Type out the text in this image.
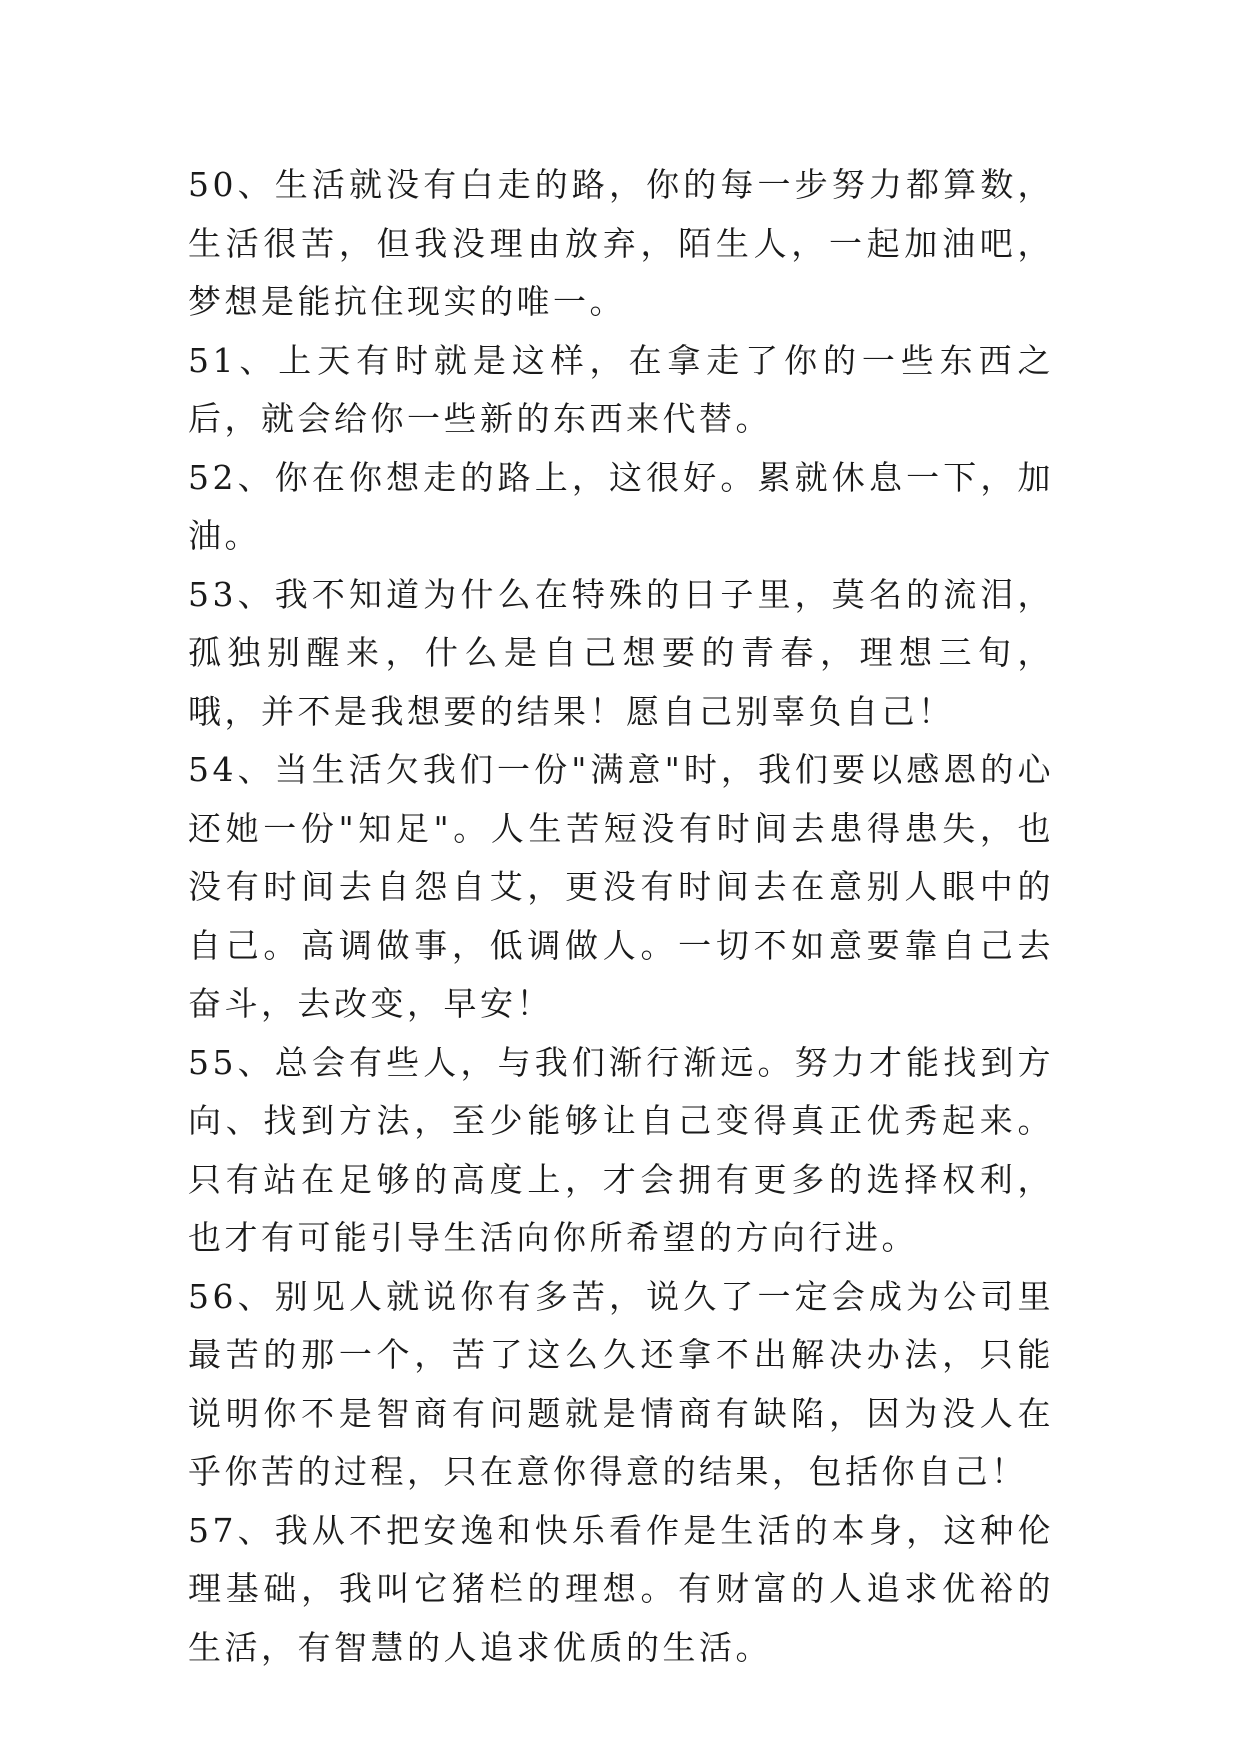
50、生活就没有白走的路，你的每一步努力都算数，生活很苦，但我没理由放弃，陌生人，一起加油吧，梦想是能抗住现实的唯一。

51、上天有时就是这样，在拿走了你的一些东西之后，就会给你一些新的东西来代替。

52、你在你想走的路上，这很好。累就休息一下，加油。

53、我不知道为什么在特殊的日子里，莫名的流泪，孤独别醒来，什么是自己想要的青春，理想三旬，哦，并不是我想要的结果！愿自己别辜负自己！

54、当生活欠我们一份"满意"时，我们要以感恩的心还她一份"知足"。人生苦短没有时间去患得患失，也没有时间去自怨自艾，更没有时间去在意别人眼中的自己。高调做事，低调做人。一切不如意要靠自己去奋斗，去改变，早安！

55、总会有些人，与我们渐行渐远。努力才能找到方向、找到方法，至少能够让自己变得真正优秀起来。只有站在足够的高度上，才会拥有更多的选择权利，也才有可能引导生活向你所希望的方向行进。

56、别见人就说你有多苦，说久了一定会成为公司里最苦的那一个，苦了这么久还拿不出解决办法，只能说明你不是智商有问题就是情商有缺陷，因为没人在乎你苦的过程，只在意你得意的结果，包括你自己！

57、我从不把安逸和快乐看作是生活的本身，这种伦理基础，我叫它猪栏的理想。有财富的人追求优裕的生活，有智慧的人追求优质的生活。
